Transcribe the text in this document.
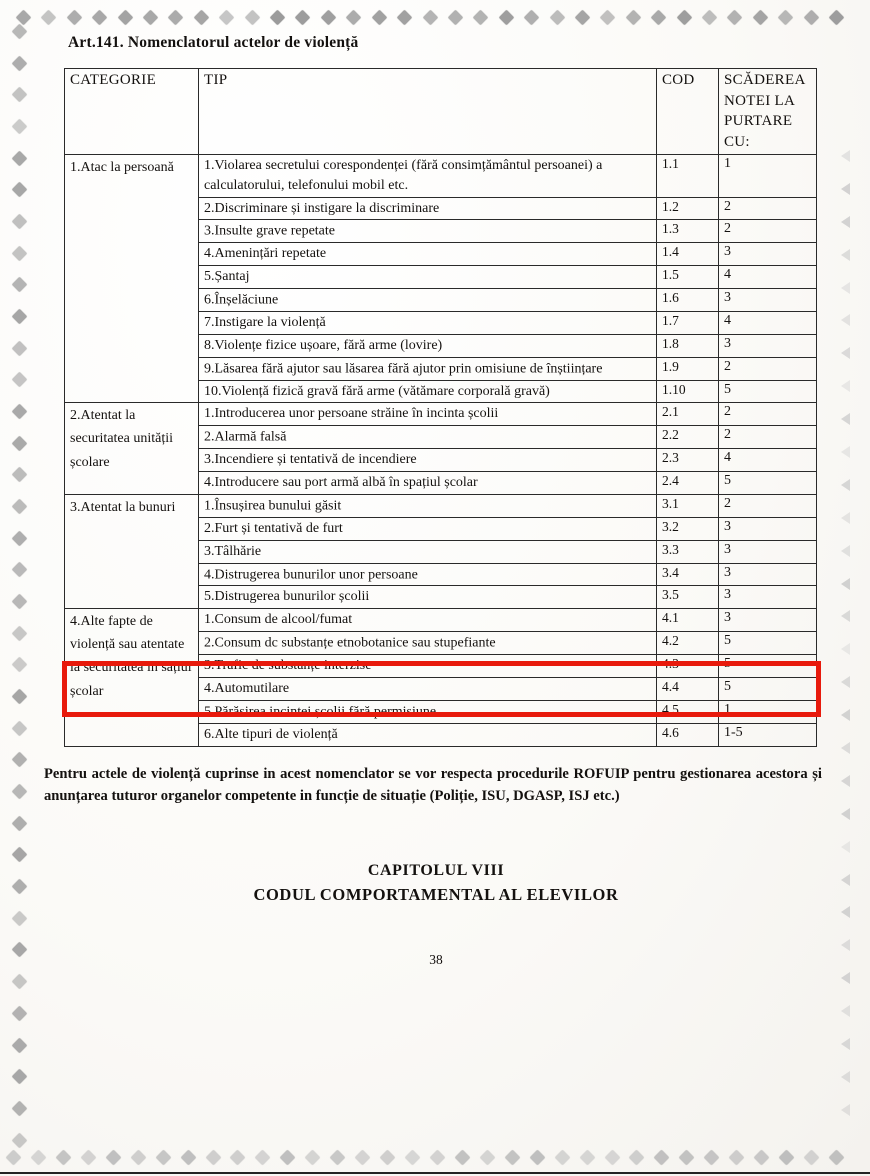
Art.141. Nomenclatorul actelor de violență
CATEGORIE	TIP	COD	SCĂDEREA NOTEI LA PURTARE CU:
1.Atac la persoană	1.Violarea secretului corespondenței (fără consimțământul persoanei) a calculatorului, telefonului mobil etc.	1.1	1
	2.Discriminare și instigare la discriminare	1.2	2
	3.Insulte grave repetate	1.3	2
	4.Amenințări repetate	1.4	3
	5.Șantaj	1.5	4
	6.Înșelăciune	1.6	3
	7.Instigare la violență	1.7	4
	8.Violențe fizice ușoare, fără arme (lovire)	1.8	3
	9.Lăsarea fără ajutor sau lăsarea fără ajutor prin omisiune de înștiințare	1.9	2
	10.Violență fizică gravă fără arme (vătămare corporală gravă)	1.10	5
2.Atentat la securitatea unității școlare	1.Introducerea unor persoane străine în incinta școlii	2.1	2
	2.Alarmă falsă	2.2	2
	3.Incendiere și tentativă de incendiere	2.3	4
	4.Introducere sau port armă albă în spațiul școlar	2.4	5
3.Atentat la bunuri	1.Însușirea bunului găsit	3.1	2
	2.Furt și tentativă de furt	3.2	3
	3.Tâlhărie	3.3	3
	4.Distrugerea bunurilor unor persoane	3.4	3
	5.Distrugerea bunurilor școlii	3.5	3
4.Alte fapte de violență sau atentate la securitatea în sațiul școlar	1.Consum de alcool/fumat	4.1	3
	2.Consum dc substanțe etnobotanice sau stupefiante	4.2	5
	3.Trafic de substanțe interzise	4.3	5
	4.Automutilare	4.4	5
	5.Părăsirea incintei școlii fără permisiune	4.5	1
	6.Alte tipuri de violență	4.6	1-5
Pentru actele de violență cuprinse in acest nomenclator se vor respecta procedurile ROFUIP pentru gestionarea acestora și anunțarea tuturor organelor competente in funcție de situație (Poliție, ISU, DGASP, ISJ etc.)
CAPITOLUL VIII
CODUL COMPORTAMENTAL AL ELEVILOR
38
